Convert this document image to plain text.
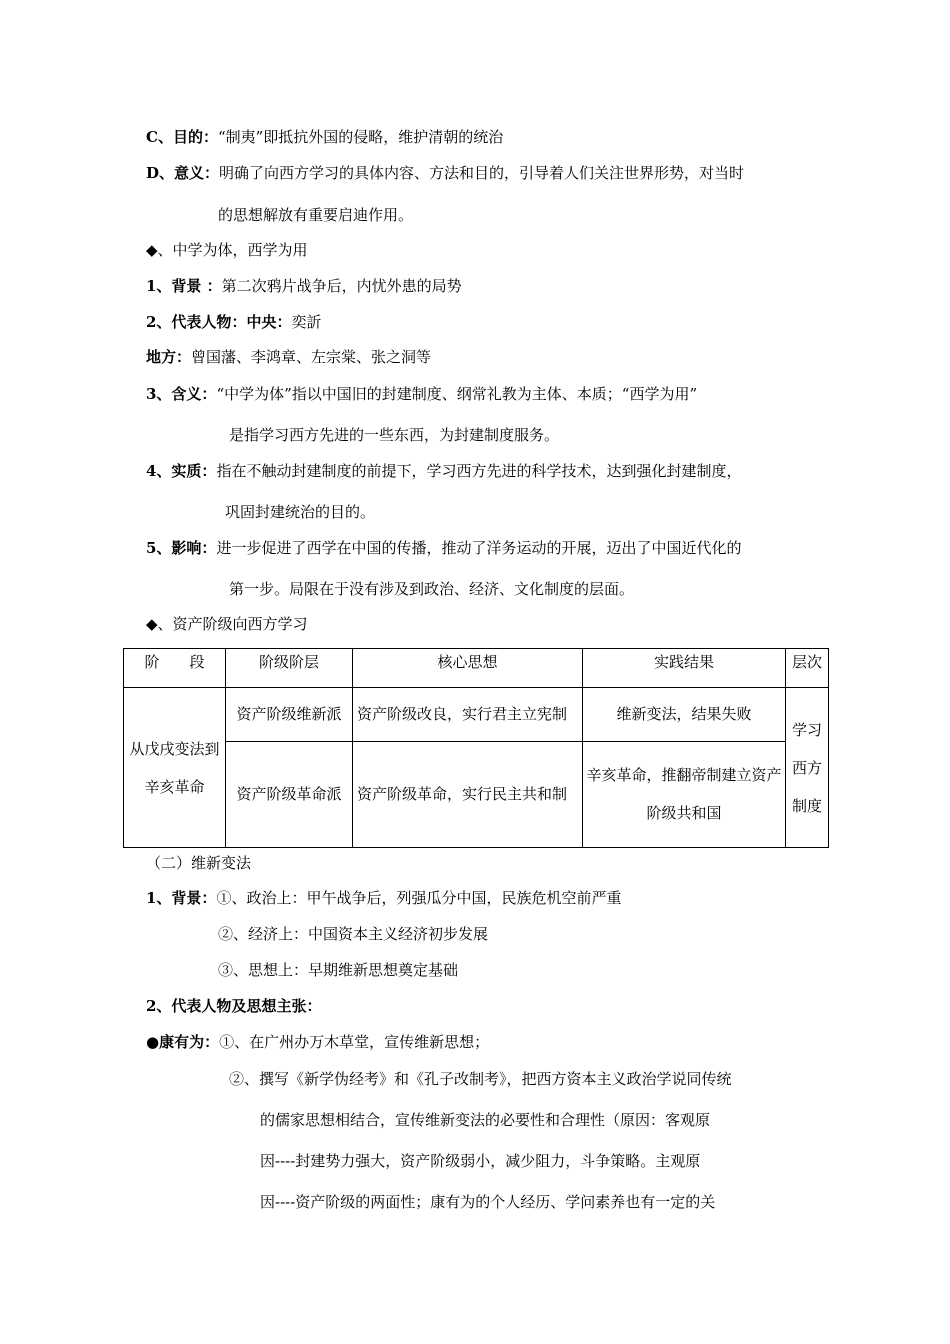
C、目的：“制夷”即抵抗外国的侵略，维护清朝的统治
D、意义：明确了向西方学习的具体内容、方法和目的，引导着人们关注世界形势，对当时
的思想解放有重要启迪作用。
◆、中学为体，西学为用
1、背景 ：第二次鸦片战争后，内忧外患的局势
2、代表人物：中央：奕訢
地方：曾国藩、李鸿章、左宗棠、张之洞等
3、含义：“中学为体”指以中国旧的封建制度、纲常礼教为主体、本质；“西学为用”
是指学习西方先进的一些东西，为封建制度服务。
4、实质：指在不触动封建制度的前提下，学习西方先进的科学技术，达到强化封建制度，
巩固封建统治的目的。
5、影响：进一步促进了西学在中国的传播，推动了洋务运动的开展，迈出了中国近代化的
第一步。局限在于没有涉及到政治、经济、文化制度的层面。
◆、资产阶级向西方学习
阶　　段	阶级阶层	核心思想	实践结果	层次

从戊戌变法到辛亥革命	资产阶级维新派	资产阶级改良，实行君主立宪制	维新变法，结果失败	学习西方制度

	资产阶级革命派	资产阶级革命，实行民主共和制	辛亥革命，推翻帝制建立资产阶级共和国	
（二）维新变法
1、背景：①、政治上：甲午战争后，列强瓜分中国，民族危机空前严重
②、经济上：中国资本主义经济初步发展
③、思想上：早期维新思想奠定基础
2、代表人物及思想主张：
●康有为：①、在广州办万木草堂，宣传维新思想；
②、撰写《新学伪经考》和《孔子改制考》，把西方资本主义政治学说同传统
的儒家思想相结合，宣传维新变法的必要性和合理性（原因：客观原
因----封建势力强大，资产阶级弱小，减少阻力，斗争策略。主观原
因----资产阶级的两面性；康有为的个人经历、学问素养也有一定的关
